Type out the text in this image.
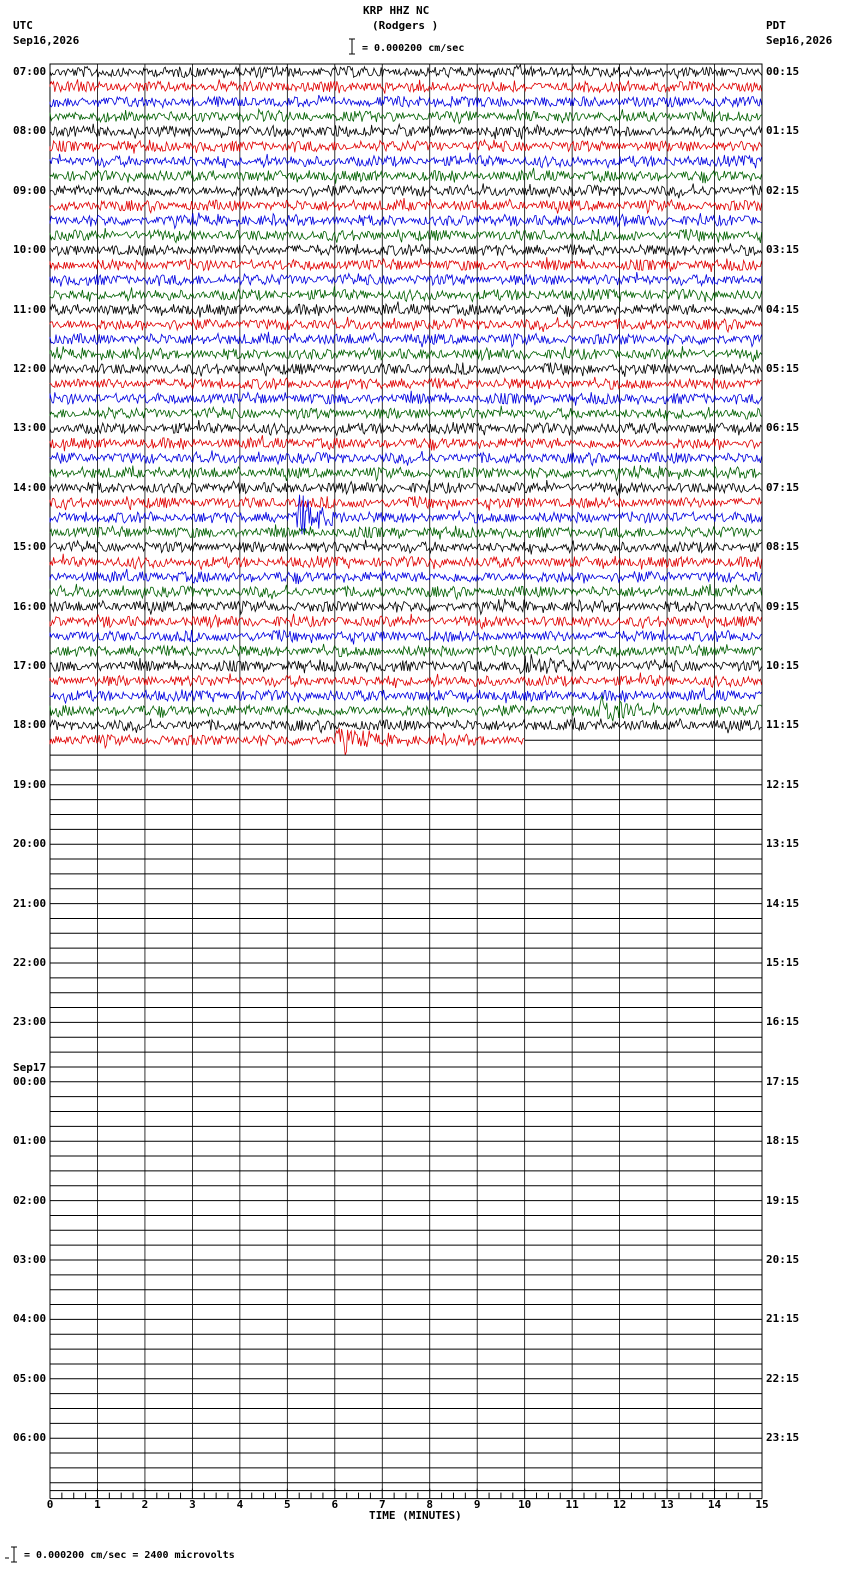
KRP HHZ NC
(Rodgers )
= 0.000200 cm/sec
UTC
Sep16,2026
PDT
Sep16,2026
0	1	2	3	4	5	6	7	8	9	10	11	12	13	14	15
07:00
08:00
09:00
10:00
11:00
12:00
13:00
14:00
15:00
16:00
17:00
18:00
19:00
20:00
21:00
22:00
23:00
00:00
Sep17
01:00
02:00
03:00
04:00
05:00
06:00
00:15
01:15
02:15
03:15
04:15
05:15
06:15
07:15
08:15
09:15
10:15
11:15
12:15
13:15
14:15
15:15
16:15
17:15
18:15
19:15
20:15
21:15
22:15
23:15
TIME (MINUTES)
= 0.000200 cm/sec = 2400 microvolts
